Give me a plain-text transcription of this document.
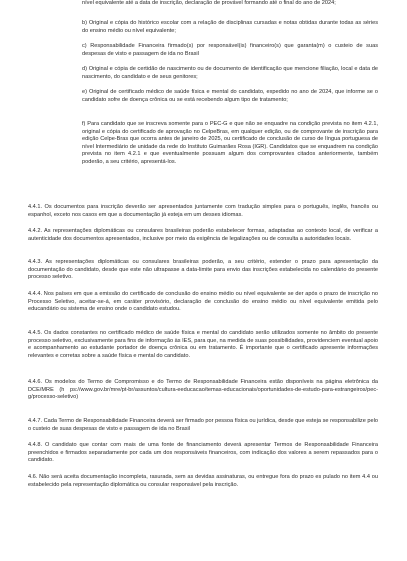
nível equivalente até a data de inscrição, declaração de provável formando até o final do ano de 2024;

b) Original e cópia do histórico escolar com a relação de disciplinas cursadas e notas obtidas durante todas as séries do ensino médio ou nível equivalente;

c) Responsabilidade Financeira firmado(s) por responsável(is) financeiro(s) que garanta(m) o custeio de suas despesas de visto e passagem de ida no Brasil

d) Original e cópia de certidão de nascimento ou de documento de identificação que mencione filiação, local e data de nascimento, do candidato e de seus genitores;

e) Original de certificado médico de saúde física e mental do candidato, expedido no ano de 2024, que informe se o candidato sofre de doença crônica ou se está recebendo algum tipo de tratamento;

f) Para candidato que se inscreva somente para o PEC-G e que não se enquadre na condição prevista no item 4.2.1, original e cópia do certificado de aprovação no CelpeBras, em qualquer edição, ou de comprovante de inscrição para edição Celpe-Bras que ocorra antes de janeiro de 2025, ou certificado de conclusão de curso de língua portuguesa de nível Intermediário de unidade da rede do Instituto Guimarães Rosa (IGR). Candidatos que se enquadrem na condição prevista no item 4.2.1 e que eventualmente possuam algum dos comprovantes citados anteriormente, também poderão, a seu critério, apresentá-los.

4.4.1. Os documentos para inscrição deverão ser apresentados juntamente com tradução simples para o português, inglês, francês ou espanhol, exceto nos casos em que a documentação já esteja em um desses idiomas.

4.4.2. As representações diplomáticas ou consulares brasileiras poderão estabelecer formas, adaptadas ao contexto local, de verificar a autenticidade dos documentos apresentados, inclusive por meio da exigência de legalizações ou de consulta a autoridades locais.

4.4.3. As representações diplomáticas ou consulares brasileiras poderão, a seu critério, estender o prazo para apresentação da documentação do candidato, desde que este não ultrapasse a data-limite para envio das inscrições estabelecida no calendário do presente processo seletivo.

4.4.4. Nos países em que a emissão do certificado de conclusão do ensino médio ou nível equivalente se der após o prazo de inscrição no Processo Seletivo, aceitar-se-á, em caráter provisório, declaração de conclusão do ensino médio ou nível equivalente emitida pelo educandário ou sistema de ensino onde o candidato estudou.

4.4.5. Os dados constantes no certificado médico de saúde física e mental do candidato serão utilizados somente no âmbito do presente processo seletivo, exclusivamente para fins de informação às IES, para que, na medida de suas possibilidades, providenciem eventual apoio e acompanhamento ao estudante portador de doença crônica ou em tratamento. É importante que o certificado apresente informações relevantes e corretas sobre a saúde física e mental do candidato.

4.4.6. Os modelos do Termo de Compromisso e do Termo de Responsabilidade Financeira estão disponíveis na página eletrônica da DCE/MRE (h ps://www.gov.br/mre/pt-br/assuntos/cultura-eeducacao/temas-educacionais/oportunidades-de-estudo-para-estrangeiros/pec-g/processo-seletivo)

4.4.7. Cada Termo de Responsabilidade Financeira deverá ser firmado por pessoa física ou jurídica, desde que esteja se responsabilize pelo o custeio de suas despesas de visto e passagem de ida no Brasil

4.4.8. O candidato que contar com mais de uma fonte de financiamento deverá apresentar Termos de Responsabilidade Financeira preenchidos e firmados separadamente por cada um dos responsáveis financeiros, com indicação dos valores a serem repassados para o candidato.

4.6. Não será aceita documentação incompleta, rasurada, sem as devidas assinaturas, ou entregue fora do prazo es pulado no item 4.4 ou estabelecido pela representação diplomática ou consular responsável pela inscrição.
